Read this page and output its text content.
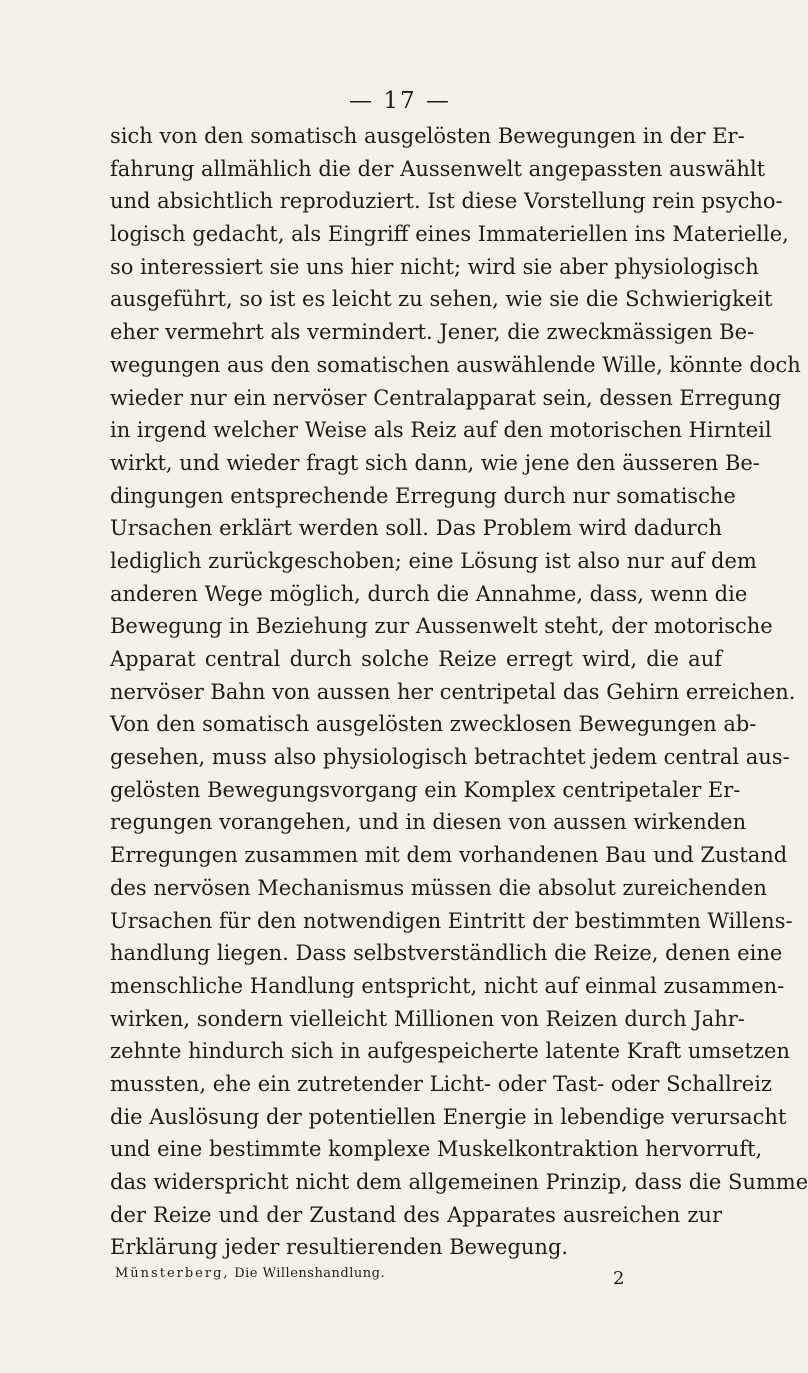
— 17 —
sich von den somatisch ausgelösten Bewegungen in der Er-
fahrung allmählich die der Aussenwelt angepassten auswählt
und absichtlich reproduziert. Ist diese Vorstellung rein psycho-
logisch gedacht, als Eingriff eines Immateriellen ins Materielle,
so interessiert sie uns hier nicht; wird sie aber physiologisch
ausgeführt, so ist es leicht zu sehen, wie sie die Schwierigkeit
eher vermehrt als vermindert. Jener, die zweckmässigen Be-
wegungen aus den somatischen auswählende Wille, könnte doch
wieder nur ein nervöser Centralapparat sein, dessen Erregung
in irgend welcher Weise als Reiz auf den motorischen Hirnteil
wirkt, und wieder fragt sich dann, wie jene den äusseren Be-
dingungen entsprechende Erregung durch nur somatische
Ursachen erklärt werden soll. Das Problem wird dadurch
lediglich zurückgeschoben; eine Lösung ist also nur auf dem
anderen Wege möglich, durch die Annahme, dass, wenn die
Bewegung in Beziehung zur Aussenwelt steht, der motorische
Apparat central durch solche Reize erregt wird, die auf
nervöser Bahn von aussen her centripetal das Gehirn erreichen.
Von den somatisch ausgelösten zwecklosen Bewegungen ab-
gesehen, muss also physiologisch betrachtet jedem central aus-
gelösten Bewegungsvorgang ein Komplex centripetaler Er-
regungen vorangehen, und in diesen von aussen wirkenden
Erregungen zusammen mit dem vorhandenen Bau und Zustand
des nervösen Mechanismus müssen die absolut zureichenden
Ursachen für den notwendigen Eintritt der bestimmten Willens-
handlung liegen. Dass selbstverständlich die Reize, denen eine
menschliche Handlung entspricht, nicht auf einmal zusammen-
wirken, sondern vielleicht Millionen von Reizen durch Jahr-
zehnte hindurch sich in aufgespeicherte latente Kraft umsetzen
mussten, ehe ein zutretender Licht- oder Tast- oder Schallreiz
die Auslösung der potentiellen Energie in lebendige verursacht
und eine bestimmte komplexe Muskelkontraktion hervorruft,
das widerspricht nicht dem allgemeinen Prinzip, dass die Summe
der Reize und der Zustand des Apparates ausreichen zur
Erklärung jeder resultierenden Bewegung.
Münsterberg, Die Willenshandlung.	2
